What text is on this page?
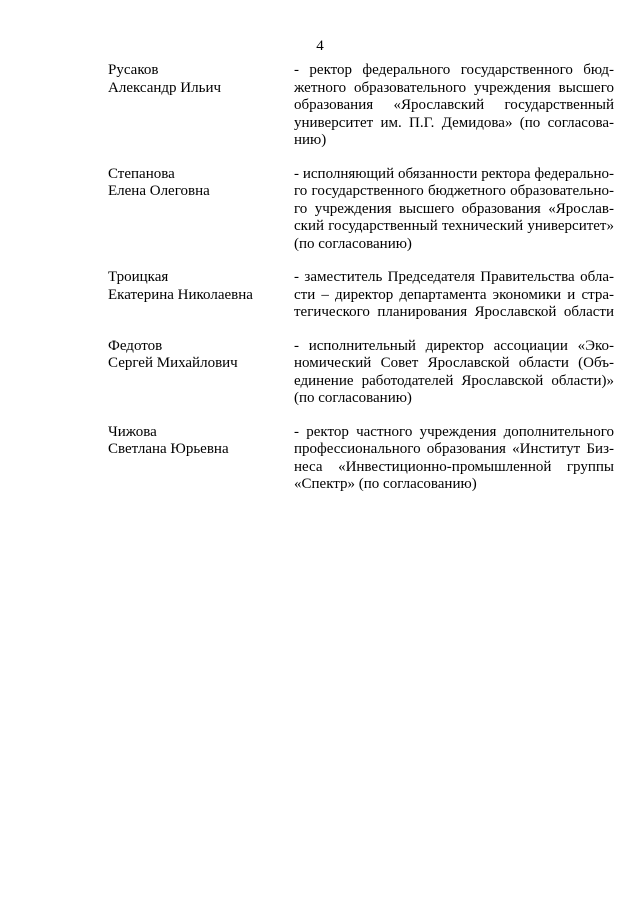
4
Русаков
Александр Ильич
- ректор федерального государственного бюд-
жетного образовательного учреждения высшего
образования «Ярославский государственный
университет им. П.Г. Демидова» (по согласова-
нию)
Степанова
Елена Олеговна
- исполняющий обязанности ректора федерально-
го государственного бюджетного образовательно-
го учреждения высшего образования «Ярослав-
ский государственный технический университет»
(по согласованию)
Троицкая
Екатерина Николаевна
- заместитель Председателя Правительства обла-
сти – директор департамента экономики и стра-
тегического планирования Ярославской области
Федотов
Сергей Михайлович
- исполнительный директор ассоциации «Эко-
номический Совет Ярославской области (Объ-
единение работодателей Ярославской области)»
(по согласованию)
Чижова
Светлана Юрьевна
- ректор частного учреждения дополнительного
профессионального образования «Институт Биз-
неса «Инвестиционно-промышленной группы
«Спектр» (по согласованию)
